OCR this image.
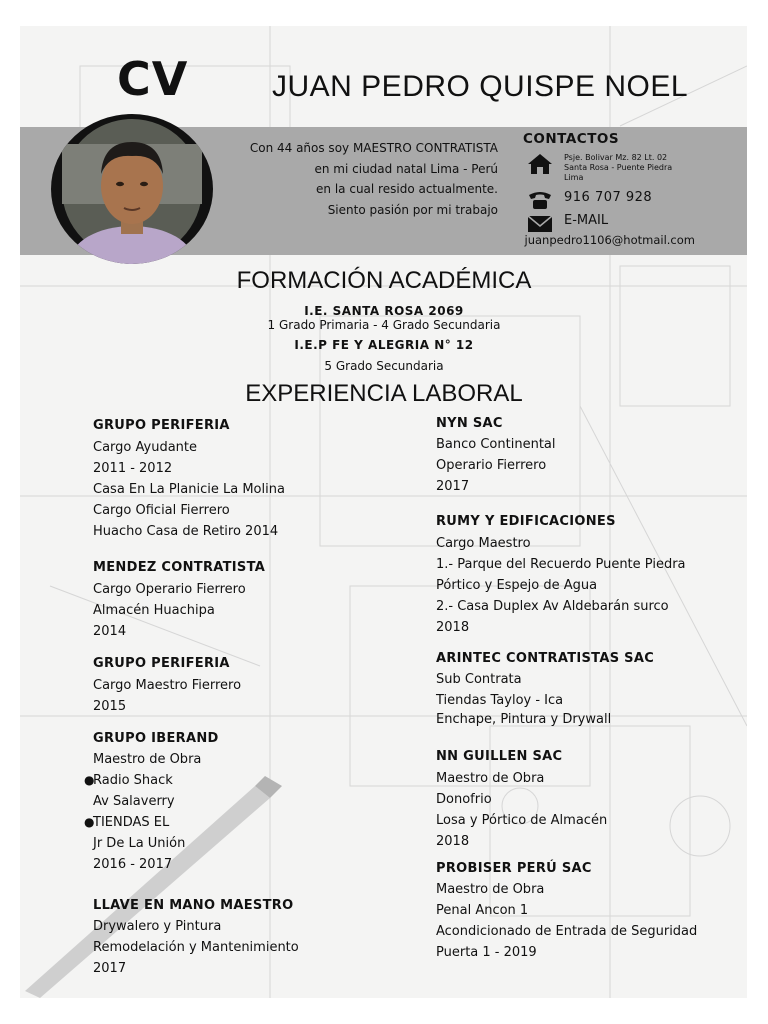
CV	JUAN PEDRO QUISPE NOEL
Con 44 años soy MAESTRO CONTRATISTA
en mi ciudad natal Lima - Perú
en la cual resido actualmente.
Siento pasión por mi trabajo
CONTACTOS
Psje. Bolivar Mz. 82 Lt. 02
Santa Rosa - Puente Piedra
Lima
916 707 928
E-MAIL
juanpedro1106@hotmail.com
FORMACIÓN ACADÉMICA
I.E. SANTA ROSA 2069
1 Grado Primaria - 4 Grado Secundaria
I.E.P FE Y ALEGRIA N° 12
5 Grado Secundaria
EXPERIENCIA LABORAL
GRUPO PERIFERIA
Cargo Ayudante
2011 - 2012
Casa En La Planicie La Molina
Cargo Oficial Fierrero
Huacho Casa de Retiro 2014
MENDEZ CONTRATISTA
Cargo Operario Fierrero
Almacén Huachipa
2014
GRUPO PERIFERIA
Cargo Maestro Fierrero
2015
GRUPO IBERAND
Maestro de Obra
●
Radio Shack
Av Salaverry
●
TIENDAS EL
Jr De La Unión
2016 - 2017
LLAVE EN MANO MAESTRO
Drywalero y Pintura
Remodelación y Mantenimiento
2017
NYN SAC
Banco Continental
Operario Fierrero
2017
RUMY Y EDIFICACIONES
Cargo Maestro
1.- Parque del Recuerdo Puente Piedra
Pórtico y Espejo de Agua
2.- Casa Duplex Av Aldebarán surco
2018
ARINTEC CONTRATISTAS SAC
Sub Contrata
Tiendas Tayloy - Ica
Enchape, Pintura y Drywall
NN GUILLEN SAC
Maestro de Obra
Donofrio
Losa y Pórtico de Almacén
2018
PROBISER PERÚ SAC
Maestro de Obra
Penal Ancon 1
Acondicionado de Entrada de Seguridad
Puerta 1 - 2019
